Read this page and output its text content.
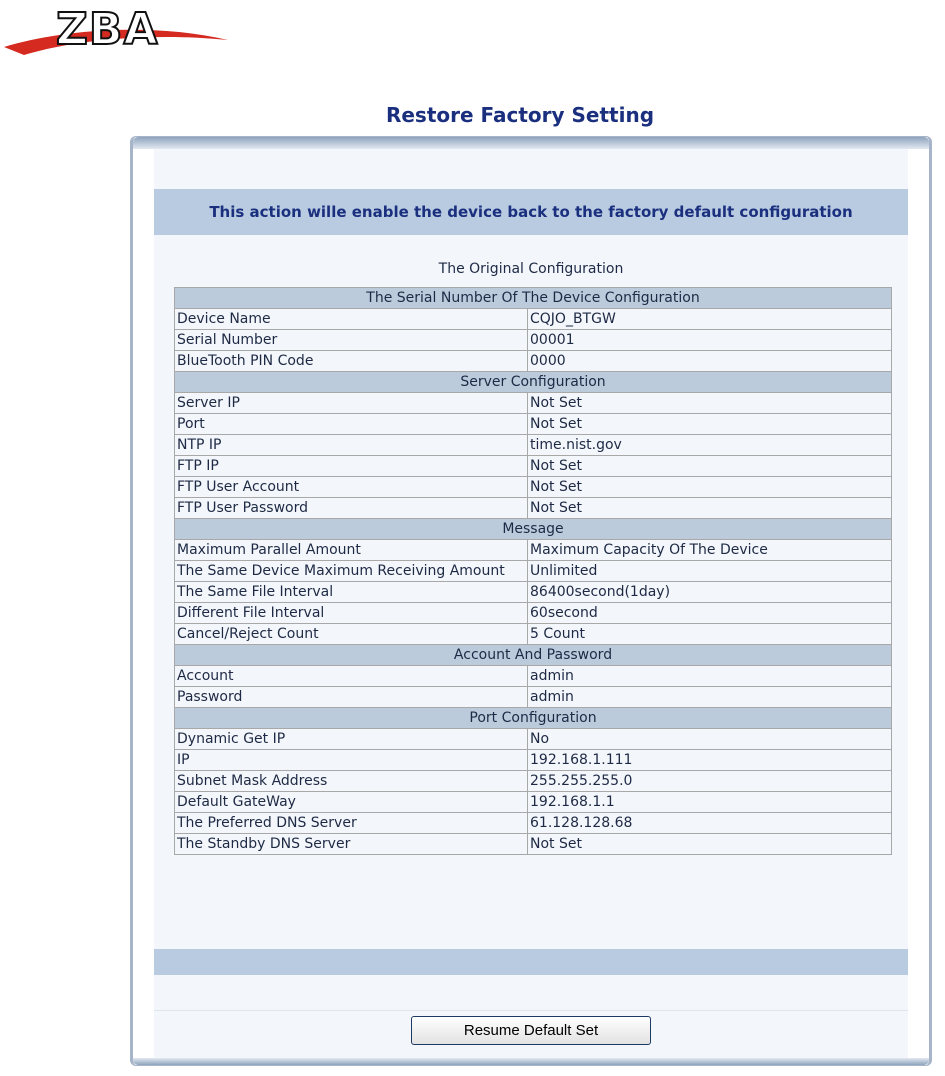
ZBA
Restore Factory Setting
This action wille enable the device back to the factory default configuration
The Original Configuration
The Serial Number Of The Device Configuration	
Device Name	CQJO_BTGW
Serial Number	00001
BlueTooth PIN Code	0000
Server Configuration	
Server IP	Not Set
Port	Not Set
NTP IP	time.nist.gov
FTP IP	Not Set
FTP User Account	Not Set
FTP User Password	Not Set
Message	
Maximum Parallel Amount	Maximum Capacity Of The Device
The Same Device Maximum Receiving Amount	Unlimited
The Same File Interval	86400second(1day)
Different File Interval	60second
Cancel/Reject Count	5 Count
Account And Password	
Account	admin
Password	admin
Port Configuration	
Dynamic Get IP	No
IP	192.168.1.111
Subnet Mask Address	255.255.255.0
Default GateWay	192.168.1.1
The Preferred DNS Server	61.128.128.68
The Standby DNS Server	Not Set
Resume Default Set
